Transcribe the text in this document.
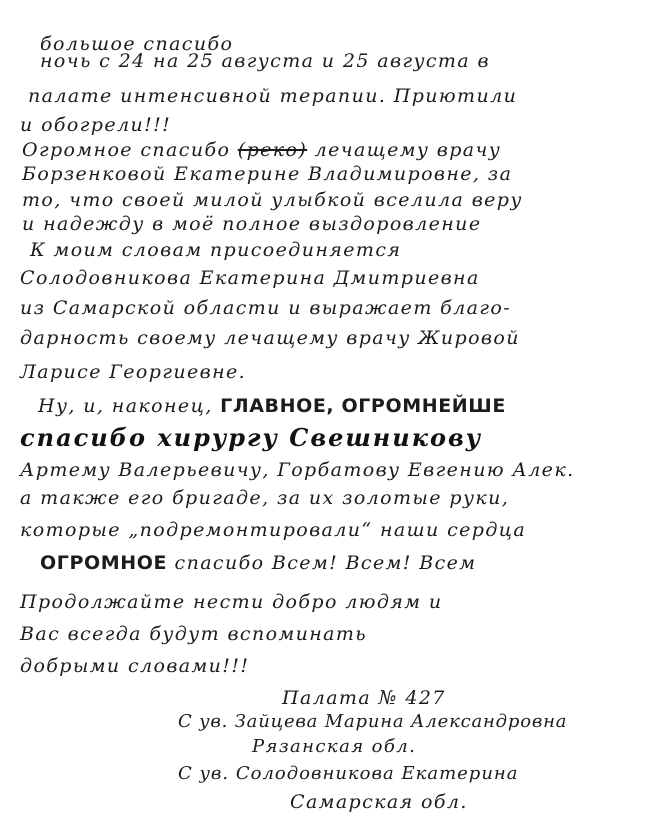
большое спасибо

ночь с 24 на 25 августа и 25 августа в

палате интенсивной терапии. Приютили

и обогрели!!!

Огромное спасибо (реко) лечащему врачу

Борзенковой Екатерине Владимировне, за

то, что своей милой улыбкой вселила веру

и надежду в моё полное выздоровление

К моим словам присоединяется

Солодовникова Екатерина Дмитриевна

из Самарской области и выражает благо-

дарность своему лечащему врачу Жировой

Ларисе Георгиевне.

Ну, и, наконец, ГЛАВНОЕ, ОГРОМНЕЙШЕ

спасибо хирургу Свешникову

Артему Валерьевичу, Горбатову Евгению Алек.

а также его бригаде, за их золотые руки,

которые „подремонтировали“ наши сердца

ОГРОМНОЕ спасибо Всем! Всем! Всем

Продолжайте нести добро людям и

Вас всегда будут вспоминать

добрыми словами!!!

Палата № 427

С ув. Зайцева Марина Александровна

Рязанская обл.

С ув. Солодовникова Екатерина

Самарская обл.
